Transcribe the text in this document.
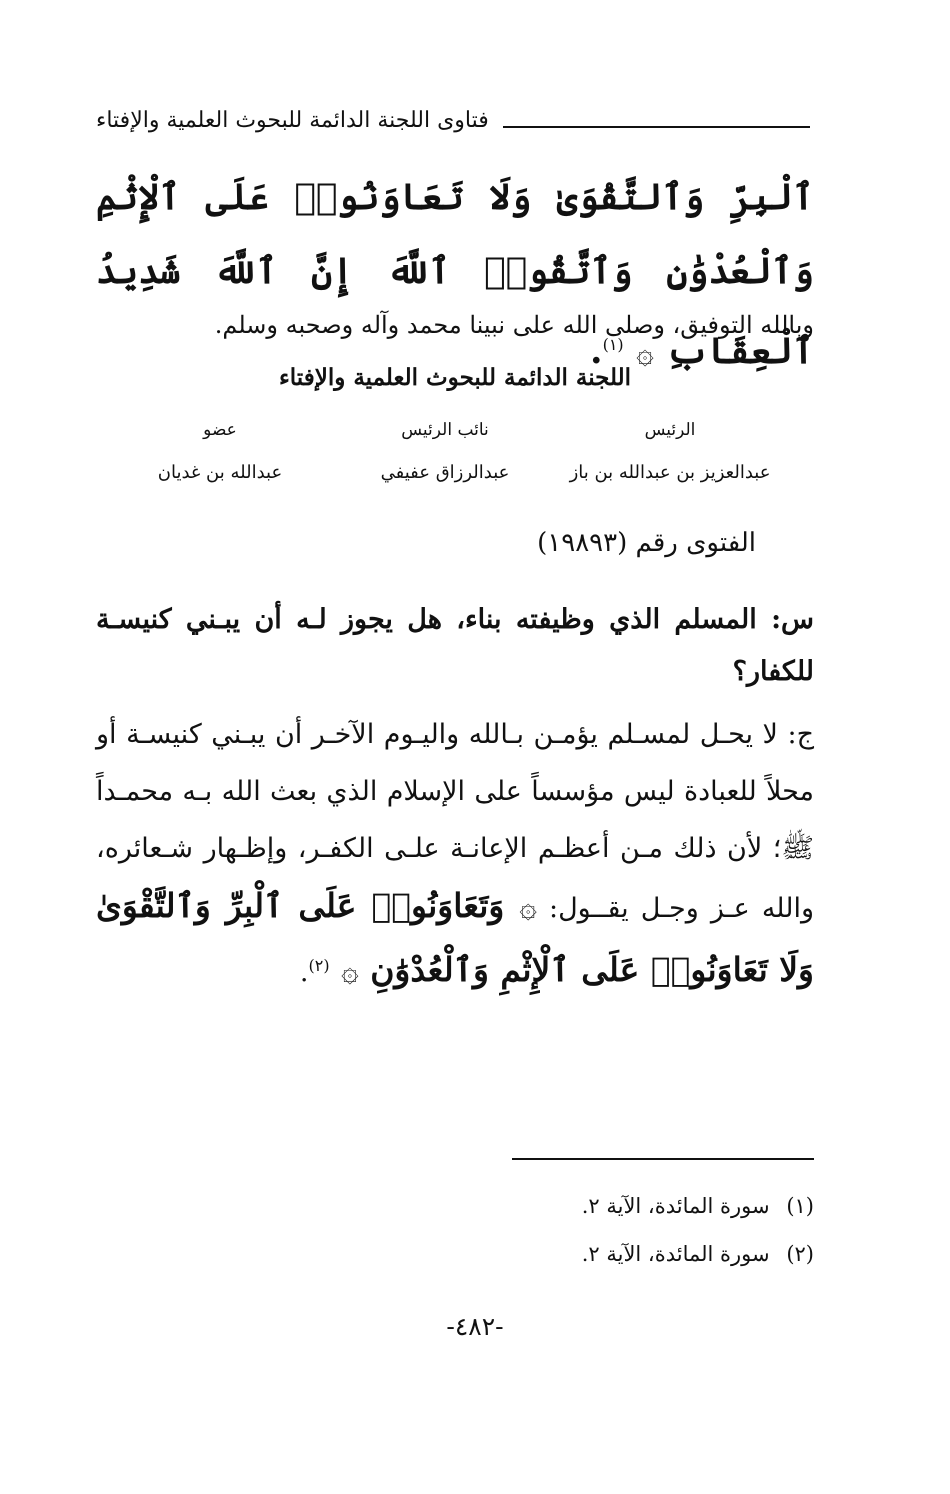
فتاوى اللجنة الدائمة للبحوث العلمية والإفتاء
ٱلْبِرِّ وَٱلتَّقْوَىٰ وَلَا تَعَاوَنُوا۟ عَلَى ٱلْإِثْمِ وَٱلْعُدْوَٰنِ وَٱتَّقُوا۟ ٱللَّهَ إِنَّ ٱللَّهَ شَدِيدُ ٱلْعِقَابِ ۞ $^{(١)}$.
وبالله التوفيق، وصلى الله على نبينا محمد وآله وصحبه وسلم.
اللجنة الدائمة للبحوث العلمية والإفتاء
عضو	نائب الرئيس	الرئيس
عبدالله بن غديان	عبدالرزاق عفيفي	عبدالعزيز بن عبدالله بن باز
الفتوى رقم (١٩٨٩٣)
س: المسلم الذي وظيفته بناء، هل يجوز لـه أن يبـني كنيسـة للكفار؟
ج: لا يحـل لمسـلم يؤمـن بـالله واليـوم الآخـر أن يبـني كنيسـة أو محلاً للعبادة ليس مؤسساً على الإسلام الذي بعث الله بـه محمـداً ﷺ؛ لأن ذلك مـن أعظـم الإعانـة علـى الكفـر، وإظـهار شـعائره، والله عـز وجـل يقــول: ۞ وَتَعَاوَنُوا۟ عَلَى ٱلْبِرِّ وَٱلتَّقْوَىٰ وَلَا تَعَاوَنُوا۟ عَلَى ٱلْإِثْمِ وَٱلْعُدْوَٰنِ ۞ $^{(٢)}$.
(١) سورة المائدة، الآية ٢.
(٢) سورة المائدة، الآية ٢.
-٤٨٢-
